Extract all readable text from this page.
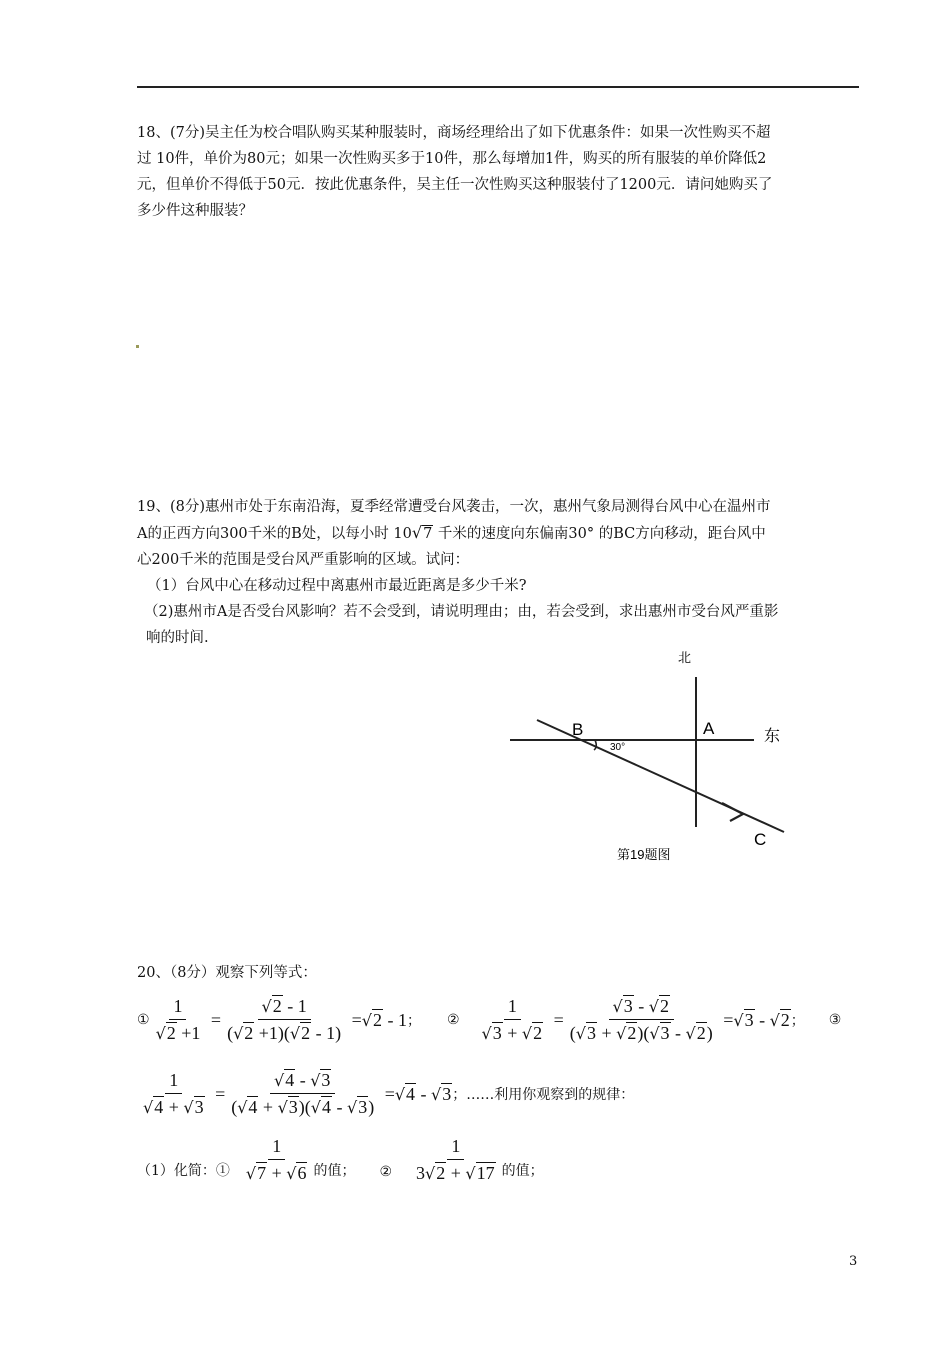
18、(7分)吴主任为校合唱队购买某种服装时，商场经理给出了如下优惠条件：如果一次性购买不超

过 10件，单价为80元；如果一次性购买多于10件，那么每增加1件，购买的所有服装的单价降低2

元，但单价不得低于50元．按此优惠条件，吴主任一次性购买这种服装付了1200元．请问她购买了

多少件这种服装？

19、(8分)惠州市处于东南沿海，夏季经常遭受台风袭击，一次，惠州气象局测得台风中心在温州市

A的正西方向300千米的B处，以每小时 10√7 千米的速度向东偏南30° 的BC方向移动，距台风中

心200千米的范围是受台风严重影响的区域。试问：

（1）台风中心在移动过程中离惠州市最近距离是多少千米?

（2)惠州市A是否受台风影响？若不会受到，请说明理由；由，若会受到，求出惠州市受台风严重影

响的时间.

北
东
B	A
C
30°
第19题图

20、（8分）观察下列等式：

① $\frac{1}{√2 +1} = \frac{√2 - 1}{(√2 +1)(√2 - 1)} =√2 - 1$ ； ② $\frac{1}{√3 + √2} = \frac{√3 - √2}{(√3 + √2)(√3 - √2)} =√3 - √2$ ； ③
$\frac{1}{√4 + √3} = \frac{√4 - √3}{(√4 + √3)(√4 - √3)} =√4 - √3$ ； ……利用你观察到的规律：
（1）化简：① $\frac{1}{√7 + √6}$ 的值； ② $\frac{1}{3√2 + √17}$ 的值；
3
